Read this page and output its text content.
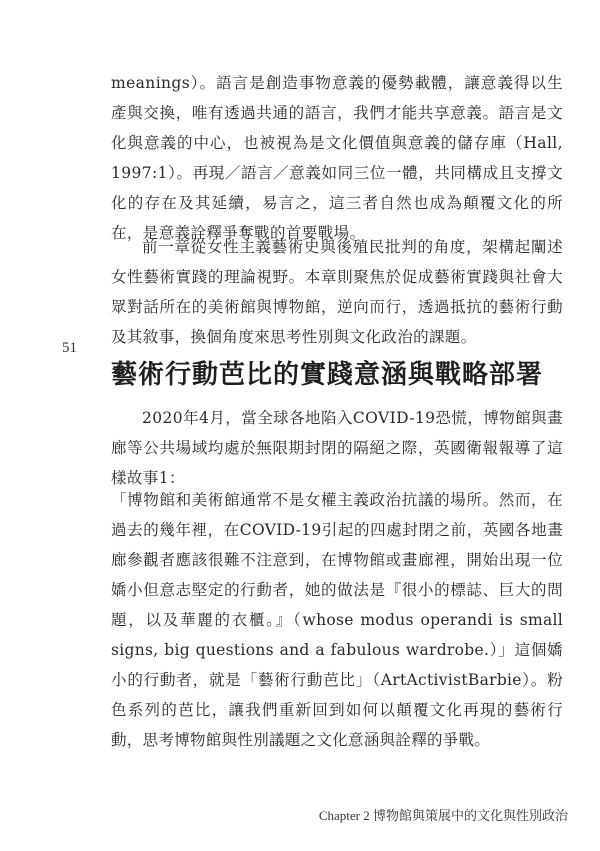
meanings）。語言是創造事物意義的優勢載體，讓意義得以生產與交換，唯有透過共通的語言，我們才能共享意義。語言是文化與意義的中心，也被視為是文化價值與意義的儲存庫（Hall, 1997:1）。再現／語言／意義如同三位一體，共同構成且支撐文化的存在及其延續，易言之，這三者自然也成為顛覆文化的所在，是意義詮釋爭奪戰的首要戰場。

前一章從女性主義藝術史與後殖民批判的角度，架構起闡述女性藝術實踐的理論視野。本章則聚焦於促成藝術實踐與社會大眾對話所在的美術館與博物館，逆向而行，透過抵抗的藝術行動及其敘事，換個角度來思考性別與文化政治的課題。

51
藝術行動芭比的實踐意涵與戰略部署

2020年4月，當全球各地陷入COVID-19恐慌，博物館與畫廊等公共場域均處於無限期封閉的隔絕之際，英國衛報報導了這樣故事1：

「博物館和美術館通常不是女權主義政治抗議的場所。然而，在過去的幾年裡，在COVID-19引起的四處封閉之前，英國各地畫廊參觀者應該很難不注意到，在博物館或畫廊裡，開始出現一位嬌小但意志堅定的行動者，她的做法是『很小的標誌、巨大的問題，以及華麗的衣櫃。』（whose modus operandi is small signs, big questions and a fabulous wardrobe.）」這個嬌小的行動者，就是「藝術行動芭比」（ArtActivistBarbie）。粉色系列的芭比，讓我們重新回到如何以顛覆文化再現的藝術行動，思考博物館與性別議題之文化意涵與詮釋的爭戰。

Chapter 2 博物館與策展中的文化與性別政治
